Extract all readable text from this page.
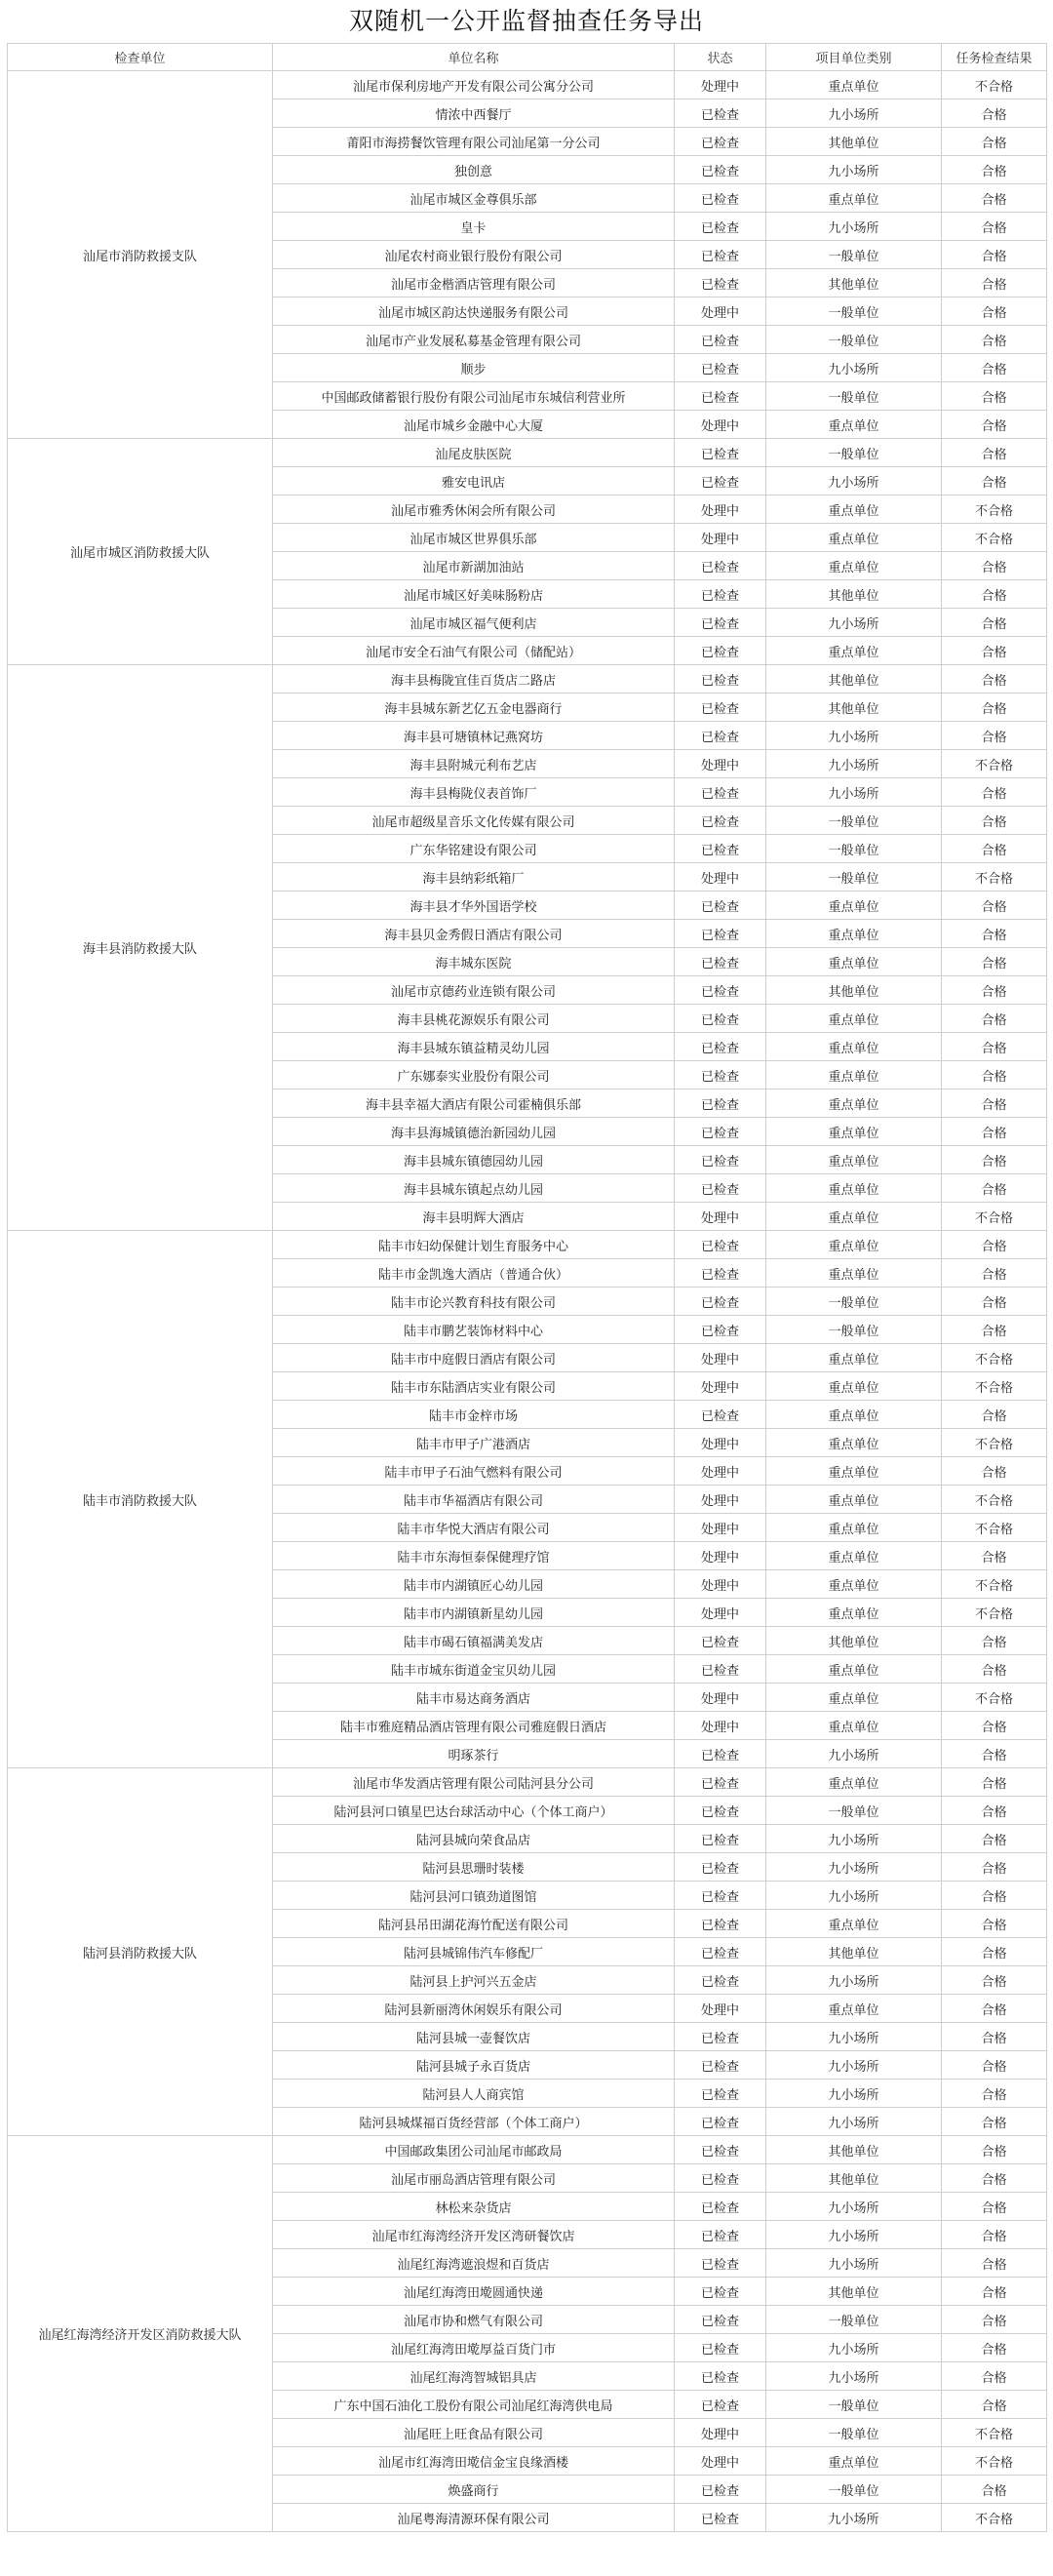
双随机一公开监督抽查任务导出
检查单位	单位名称	状态	项目单位类别	任务检查结果
汕尾市消防救援支队	汕尾市保利房地产开发有限公司公寓分公司	处理中	重点单位	不合格
	情浓中西餐厅	已检查	九小场所	合格
	莆阳市海捞餐饮管理有限公司汕尾第一分公司	已检查	其他单位	合格
	独创意	已检查	九小场所	合格
	汕尾市城区金尊俱乐部	已检查	重点单位	合格
	皇卡	已检查	九小场所	合格
	汕尾农村商业银行股份有限公司	已检查	一般单位	合格
	汕尾市金楷酒店管理有限公司	已检查	其他单位	合格
	汕尾市城区韵达快递服务有限公司	处理中	一般单位	合格
	汕尾市产业发展私募基金管理有限公司	已检查	一般单位	合格
	顺步	已检查	九小场所	合格
	中国邮政储蓄银行股份有限公司汕尾市东城信利营业所	已检查	一般单位	合格
	汕尾市城乡金融中心大厦	处理中	重点单位	合格
汕尾市城区消防救援大队	汕尾皮肤医院	已检查	一般单位	合格
	雅安电讯店	已检查	九小场所	合格
	汕尾市雅秀休闲会所有限公司	处理中	重点单位	不合格
	汕尾市城区世界俱乐部	处理中	重点单位	不合格
	汕尾市新湖加油站	已检查	重点单位	合格
	汕尾市城区好美味肠粉店	已检查	其他单位	合格
	汕尾市城区福气便利店	已检查	九小场所	合格
	汕尾市安全石油气有限公司（储配站）	已检查	重点单位	合格
海丰县消防救援大队	海丰县梅陇宜佳百货店二路店	已检查	其他单位	合格
	海丰县城东新艺亿五金电器商行	已检查	其他单位	合格
	海丰县可塘镇林记燕窝坊	已检查	九小场所	合格
	海丰县附城元利布艺店	处理中	九小场所	不合格
	海丰县梅陇仪表首饰厂	已检查	九小场所	合格
	汕尾市超级星音乐文化传媒有限公司	已检查	一般单位	合格
	广东华铭建设有限公司	已检查	一般单位	合格
	海丰县纳彩纸箱厂	处理中	一般单位	不合格
	海丰县才华外国语学校	已检查	重点单位	合格
	海丰县贝金秀假日酒店有限公司	已检查	重点单位	合格
	海丰城东医院	已检查	重点单位	合格
	汕尾市京德药业连锁有限公司	已检查	其他单位	合格
	海丰县桃花源娱乐有限公司	已检查	重点单位	合格
	海丰县城东镇益精灵幼儿园	已检查	重点单位	合格
	广东娜泰实业股份有限公司	已检查	重点单位	合格
	海丰县幸福大酒店有限公司霍楠俱乐部	已检查	重点单位	合格
	海丰县海城镇德治新园幼儿园	已检查	重点单位	合格
	海丰县城东镇德园幼儿园	已检查	重点单位	合格
	海丰县城东镇起点幼儿园	已检查	重点单位	合格
	海丰县明辉大酒店	处理中	重点单位	不合格
陆丰市消防救援大队	陆丰市妇幼保健计划生育服务中心	已检查	重点单位	合格
	陆丰市金凯逸大酒店（普通合伙）	已检查	重点单位	合格
	陆丰市论兴教育科技有限公司	已检查	一般单位	合格
	陆丰市鹏艺装饰材料中心	已检查	一般单位	合格
	陆丰市中庭假日酒店有限公司	处理中	重点单位	不合格
	陆丰市东陆酒店实业有限公司	处理中	重点单位	不合格
	陆丰市金梓市场	已检查	重点单位	合格
	陆丰市甲子广港酒店	处理中	重点单位	不合格
	陆丰市甲子石油气燃料有限公司	处理中	重点单位	合格
	陆丰市华福酒店有限公司	处理中	重点单位	不合格
	陆丰市华悦大酒店有限公司	处理中	重点单位	不合格
	陆丰市东海恒泰保健理疗馆	处理中	重点单位	合格
	陆丰市内湖镇匠心幼儿园	处理中	重点单位	不合格
	陆丰市内湖镇新星幼儿园	处理中	重点单位	不合格
	陆丰市碣石镇福满美发店	已检查	其他单位	合格
	陆丰市城东街道金宝贝幼儿园	已检查	重点单位	合格
	陆丰市易达商务酒店	处理中	重点单位	不合格
	陆丰市雅庭精品酒店管理有限公司雅庭假日酒店	处理中	重点单位	合格
	明琢茶行	已检查	九小场所	合格
陆河县消防救援大队	汕尾市华发酒店管理有限公司陆河县分公司	已检查	重点单位	合格
	陆河县河口镇星巴达台球活动中心（个体工商户）	已检查	一般单位	合格
	陆河县城向荣食品店	已检查	九小场所	合格
	陆河县思珊时装楼	已检查	九小场所	合格
	陆河县河口镇劲道图馆	已检查	九小场所	合格
	陆河县吊田湖花海竹配送有限公司	已检查	重点单位	合格
	陆河县城锦伟汽车修配厂	已检查	其他单位	合格
	陆河县上护河兴五金店	已检查	九小场所	合格
	陆河县新丽湾休闲娱乐有限公司	处理中	重点单位	合格
	陆河县城一壶餐饮店	已检查	九小场所	合格
	陆河县城子永百货店	已检查	九小场所	合格
	陆河县人人商宾馆	已检查	九小场所	合格
	陆河县城煤福百货经营部（个体工商户）	已检查	九小场所	合格
汕尾红海湾经济开发区消防救援大队	中国邮政集团公司汕尾市邮政局	已检查	其他单位	合格
	汕尾市丽岛酒店管理有限公司	已检查	其他单位	合格
	林松来杂货店	已检查	九小场所	合格
	汕尾市红海湾经济开发区湾研餐饮店	已检查	九小场所	合格
	汕尾红海湾遮浪煜和百货店	已检查	九小场所	合格
	汕尾红海湾田墘圆通快递	已检查	其他单位	合格
	汕尾市协和燃气有限公司	已检查	一般单位	合格
	汕尾红海湾田墘厚益百货门市	已检查	九小场所	合格
	汕尾红海湾智城铝具店	已检查	九小场所	合格
	广东中国石油化工股份有限公司汕尾红海湾供电局	已检查	一般单位	合格
	汕尾旺上旺食品有限公司	处理中	一般单位	不合格
	汕尾市红海湾田墘信金宝良缘酒楼	处理中	重点单位	不合格
	焕盛商行	已检查	一般单位	合格
	汕尾粤海清源环保有限公司	已检查	九小场所	不合格
